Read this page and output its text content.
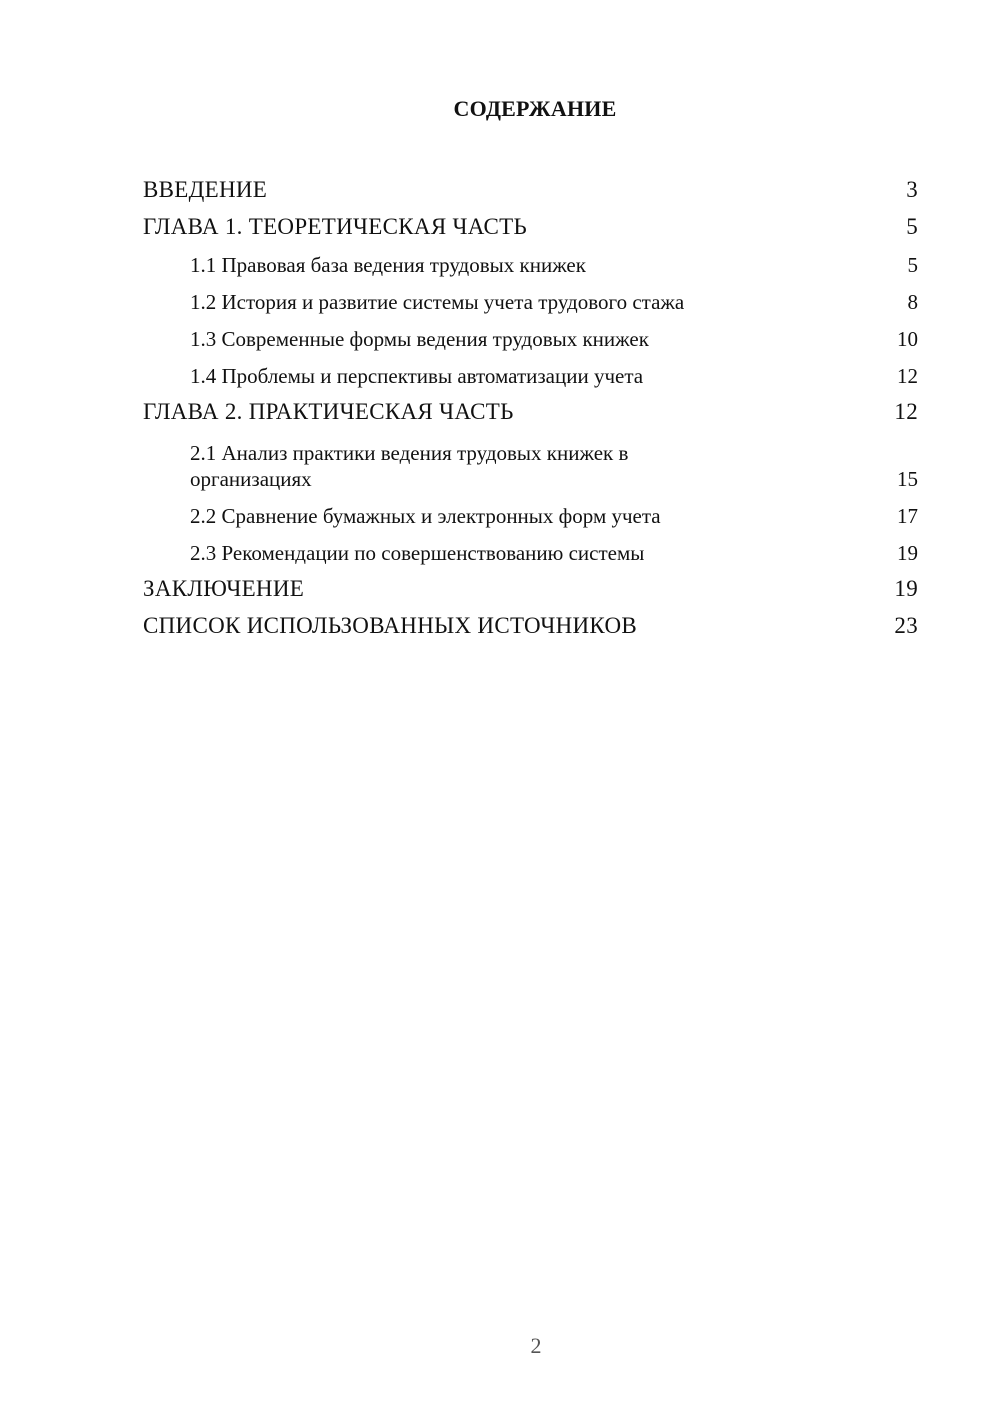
СОДЕРЖАНИЕ
ВВЕДЕНИЕ	3
ГЛАВА 1. ТЕОРЕТИЧЕСКАЯ ЧАСТЬ	5
1.1 Правовая база ведения трудовых книжек	5
1.2 История и развитие системы учета трудового стажа	8
1.3 Современные формы ведения трудовых книжек	10
1.4 Проблемы и перспективы автоматизации учета	12
ГЛАВА 2. ПРАКТИЧЕСКАЯ ЧАСТЬ	12
2.1 Анализ практики ведения трудовых книжек в организациях	15
2.2 Сравнение бумажных и электронных форм учета	17
2.3 Рекомендации по совершенствованию системы	19
ЗАКЛЮЧЕНИЕ	19
СПИСОК ИСПОЛЬЗОВАННЫХ ИСТОЧНИКОВ	23
2
